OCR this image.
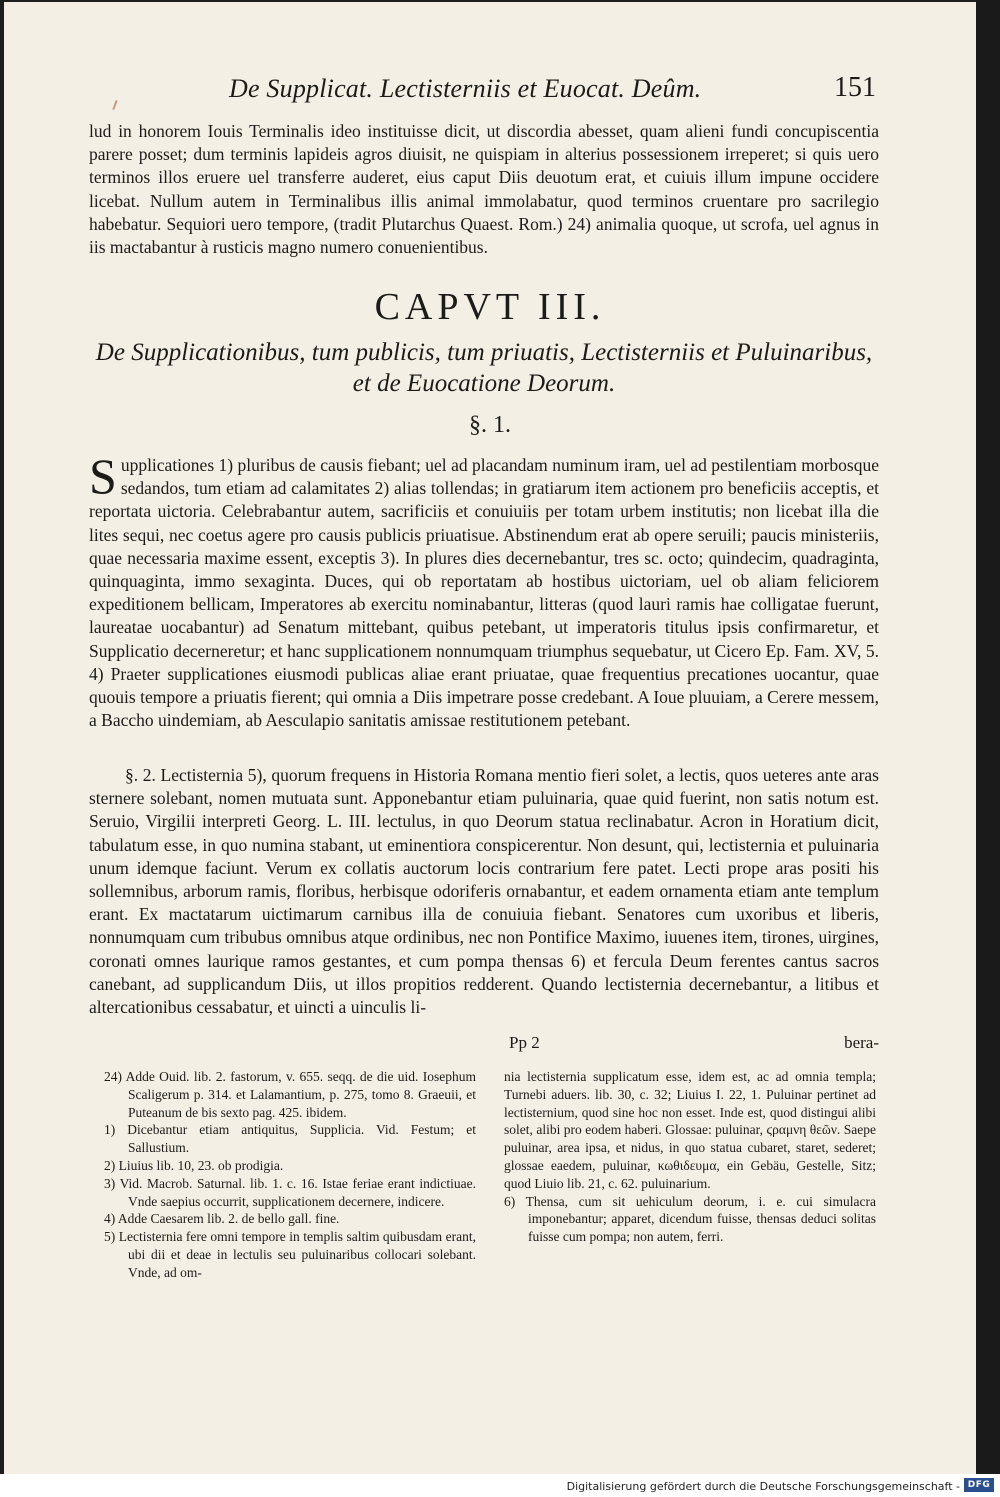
De Supplicat. Lectisterniis et Euocat. Deûm.	151
lud in honorem Iouis Terminalis ideo instituisse dicit, ut discordia abesset, quam alieni fundi concupiscentia parere posset; dum terminis lapideis agros diuisit, ne quispiam in alterius possessionem irreperet; si quis uero terminos illos eruere uel transferre auderet, eius caput Diis deuotum erat, et cuiuis illum impune occidere licebat. Nullum autem in Terminalibus illis animal immolabatur, quod terminos cruentare pro sacrilegio habebatur. Sequiori uero tempore, (tradit Plutarchus Quaest. Rom.) 24) animalia quoque, ut scrofa, uel agnus in iis mactabantur à rusticis magno numero conuenientibus.
CAPVT III.
De Supplicationibus, tum publicis, tum priuatis, Lectisterniis et Puluinaribus, et de Euocatione Deorum.
§. 1.
Supplicationes 1) pluribus de causis fiebant; uel ad placandam numinum iram, uel ad pestilentiam morbosque sedandos, tum etiam ad calamitates 2) alias tollendas; in gratiarum item actionem pro beneficiis acceptis, et reportata uictoria. Celebrabantur autem, sacrificiis et conuiuiis per totam urbem institutis; non licebat illa die lites sequi, nec coetus agere pro causis publicis priuatisue. Abstinendum erat ab opere seruili; paucis ministeriis, quae necessaria maxime essent, exceptis 3). In plures dies decernebantur, tres sc. octo; quindecim, quadraginta, quinquaginta, immo sexaginta. Duces, qui ob reportatam ab hostibus uictoriam, uel ob aliam feliciorem expeditionem bellicam, Imperatores ab exercitu nominabantur, litteras (quod lauri ramis hae colligatae fuerunt, laureatae uocabantur) ad Senatum mittebant, quibus petebant, ut imperatoris titulus ipsis confirmaretur, et Supplicatio decerneretur; et hanc supplicationem nonnumquam triumphus sequebatur, ut Cicero Ep. Fam. XV, 5. 4) Praeter supplicationes eiusmodi publicas aliae erant priuatae, quae frequentius precationes uocantur, quae quouis tempore a priuatis fierent; qui omnia a Diis impetrare posse credebant. A Ioue pluuiam, a Cerere messem, a Baccho uindemiam, ab Aesculapio sanitatis amissae restitutionem petebant.
§. 2. Lectisternia 5), quorum frequens in Historia Romana mentio fieri solet, a lectis, quos ueteres ante aras sternere solebant, nomen mutuata sunt. Apponebantur etiam puluinaria, quae quid fuerint, non satis notum est. Seruio, Virgilii interpreti Georg. L. III. lectulus, in quo Deorum statua reclinabatur. Acron in Horatium dicit, tabulatum esse, in quo numina stabant, ut eminentiora conspicerentur. Non desunt, qui, lectisternia et puluinaria unum idemque faciunt. Verum ex collatis auctorum locis contrarium fere patet. Lecti prope aras positi his sollemnibus, arborum ramis, floribus, herbisque odoriferis ornabantur, et eadem ornamenta etiam ante templum erant. Ex mactatarum uictimarum carnibus illa de conuiuia fiebant. Senatores cum uxoribus et liberis, nonnumquam cum tribubus omnibus atque ordinibus, nec non Pontifice Maximo, iuuenes item, tirones, uirgines, coronati omnes laurique ramos gestantes, et cum pompa thensas 6) et fercula Deum ferentes cantus sacros canebant, ad supplicandum Diis, ut illos propitios redderent. Quando lectisternia decernebantur, a litibus et altercationibus cessabatur, et uincti a uinculis li-
Pp 2	bera-

24) Adde Ouid. lib. 2. fastorum, v. 655. seqq. de die uid. Iosephum Scaligerum p. 314. et Lalamantium, p. 275, tomo 8. Graeuii, et Puteanum de bis sexto pag. 425. ibidem.

1) Dicebantur etiam antiquitus, Supplicia. Vid. Festum; et Sallustium.

2) Liuius lib. 10, 23. ob prodigia.

3) Vid. Macrob. Saturnal. lib. 1. c. 16. Istae feriae erant indictiuae. Vnde saepius occurrit, supplicationem decernere, indicere.

4) Adde Caesarem lib. 2. de bello gall. fine.

5) Lectisternia fere omni tempore in templis saltim quibusdam erant, ubi dii et deae in lectulis seu puluinaribus collocari solebant. Vnde, ad om-

nia lectisternia supplicatum esse, idem est, ac ad omnia templa; Turnebi aduers. lib. 30, c. 32; Liuius I. 22, 1. Puluinar pertinet ad lectisternium, quod sine hoc non esset. Inde est, quod distingui alibi solet, alibi pro eodem haberi. Glossae: puluinar, ϛραμνη θεῶν. Saepe puluinar, area ipsa, et nidus, in quo statua cubaret, staret, sederet; glossae eaedem, puluinar, κωθιδευμα, ein Gebäu, Gestelle, Sitz; quod Liuio lib. 21, c. 62. puluinarium.

6) Thensa, cum sit uehiculum deorum, i. e. cui simulacra imponebantur; apparet, dicendum fuisse, thensas deduci solitas fuisse cum pompa; non autem, ferri.

Digitalisierung gefördert durch die Deutsche Forschungsgemeinschaft - DFG
